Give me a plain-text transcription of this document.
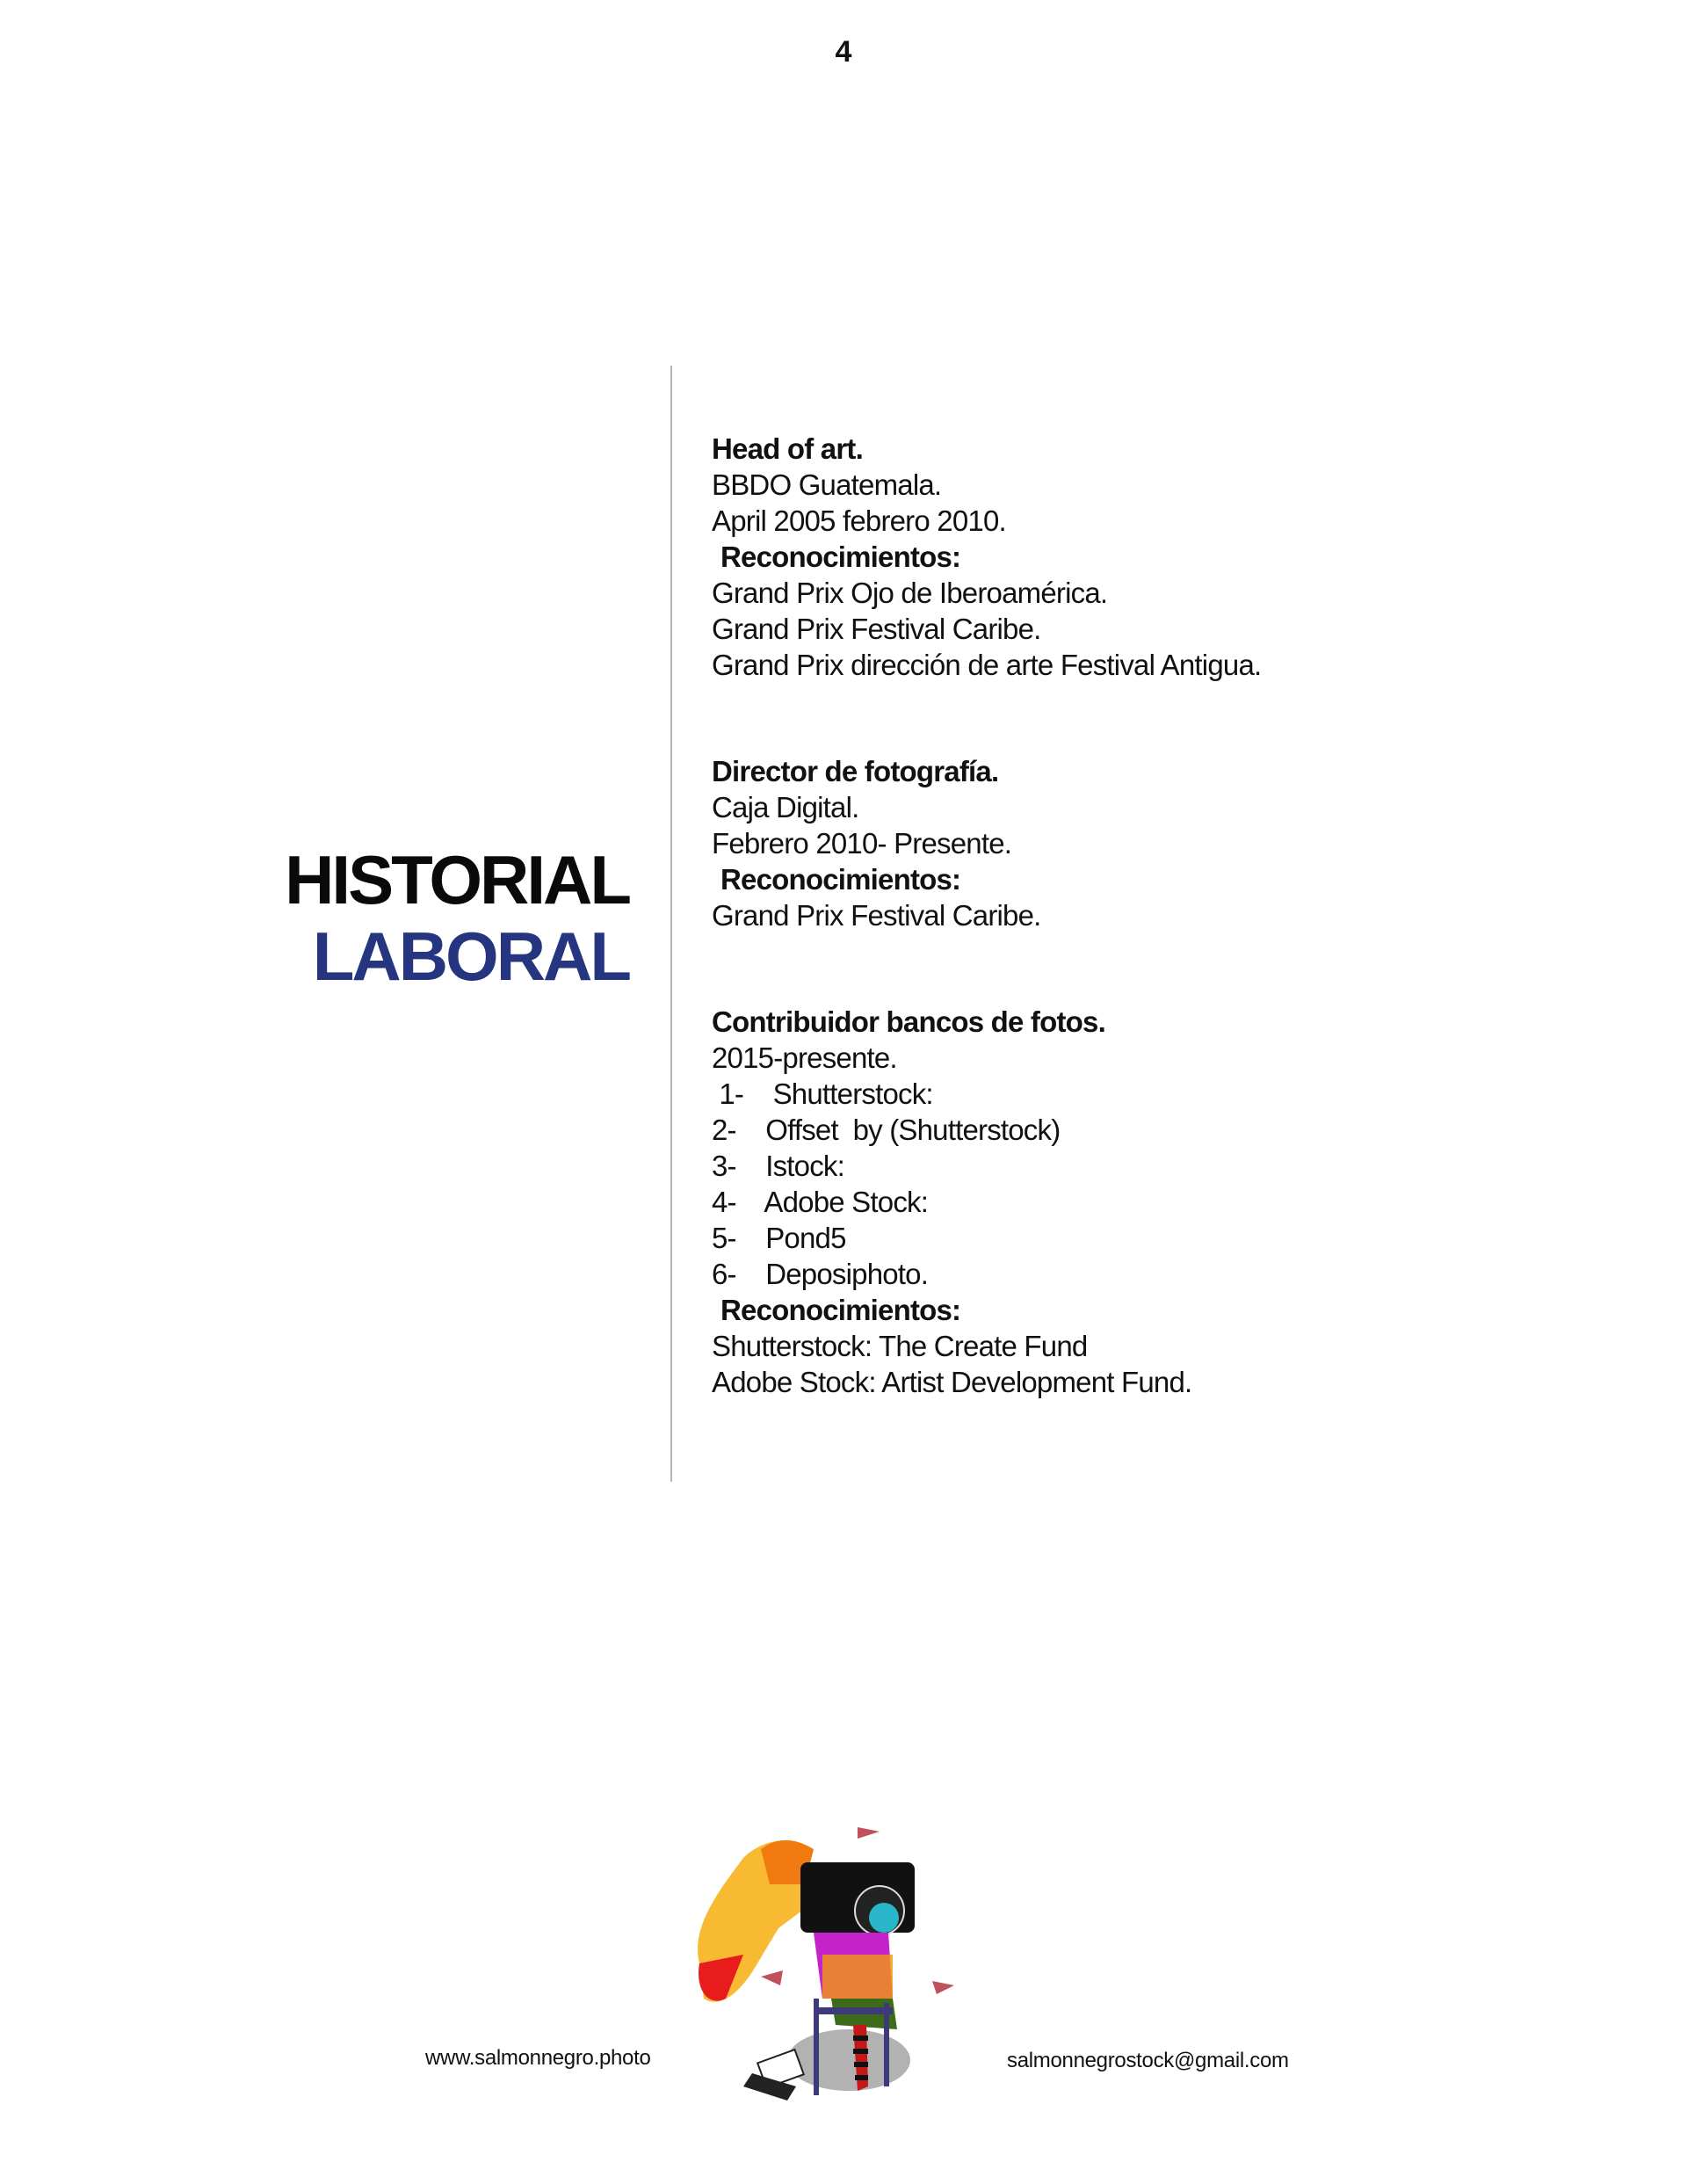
4
HISTORIAL
LABORAL
Head of art.
BBDO Guatemala.
April 2005 febrero 2010.
Reconocimientos:
Grand Prix Ojo de Iberoamérica.
Grand Prix Festival Caribe.
Grand Prix dirección de arte Festival Antigua.
Director de fotografía.
Caja Digital.
Febrero 2010- Presente.
Reconocimientos:
Grand Prix Festival Caribe.
Contribuidor bancos de fotos.
2015-presente.
1-    Shutterstock:
2-    Offset  by (Shutterstock)
3-    Istock:
4-    Adobe Stock:
5-    Pond5
6-    Deposiphoto.
Reconocimientos:
Shutterstock: The Create Fund
Adobe Stock: Artist Development Fund.
www.salmonnegro.photo	salmonnegrostock@gmail.com
